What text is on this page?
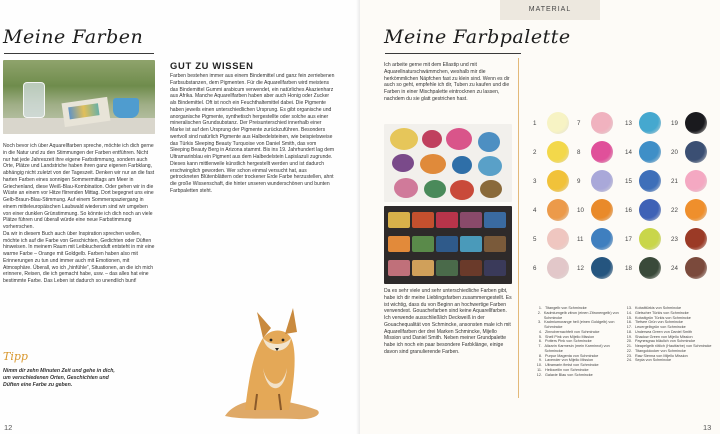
Meine Farben

Noch bevor ich über Aquarellfarben spreche, möchte ich dich gerne in die Natur und zu den Stimmungen der Farben entführen. Nicht nur hat jede Jahreszeit ihre eigene Farbstimmung, sondern auch Orte, Plätze und Landstriche haben ihren ganz eigenen Farbklang, abhängig nicht zuletzt von der Tageszeit. Denken wir nur an die fast harten Farben eines sonnigen Sommermittags am Meer in Griechenland, diese Weiß-Blau-Kombination. Oder gehen wir in die Wüste an einem vor Hitze flirrenden Mittag. Dort begegnet uns eine Gelb-Braun-Blau-Stimmung. Auf einem Sommerspaziergang in einem mitteleuropäischen Laubwald wiederum sind wir umgeben von einer dunklen Grünstimmung. So könnte ich dich noch an viele Plätze führen und überall würde eine neue Farbstimmung vorherrschen.

Da wir in diesem Buch auch über Inspiration sprechen wollen, möchte ich auf die Farbe von Geschichten, Gedichten oder Düften hinweisen. In meinem Raum mit Leibkuchenduft entsteht in mir eine warme Farbe – Orange mit Goldgelb. Farben haben also mit Erinnerungen zu tun und immer auch mit Emotionen, mit Atmosphäre. Überall, wo ich „hinfühle“, Situationen, an die ich mich erinnere, Reisen, die ich gemacht habe, usw. – das alles hat eine bestimmte Farbe. Das Leben ist dadurch so unendlich bunt!

GUT ZU WISSEN
Farben bestehen immer aus einem Bindemittel und ganz fein zerriebenen Farbsubstanzen, dem Pigmenten. Für die Aquarellfarben wird meistens das Bindemittel Gummi arabicum verwendet, ein natürliches Akazienharz aus Afrika. Manche Aquarellfarben haben aber auch Honig oder Zucker als Bindemittel. Oft ist noch ein Feuchthaltemittel dabei. Die Pigmente haben jeweils einen unterschiedlichen Ursprung. Es gibt organische und anorganische Pigmente, synthetisch hergestellte oder solche aus einer mineralischen Grundsubstanz. Der Preisunterschied innerhalb einer Marke ist auf den Ursprung der Pigmente zurückzuführen. Besonders wertvoll sind natürlich Pigmente aus Halbedelsteinen, wie beispielsweise das Türkis Sleeping Beauty Turquoise von Daniel Smith, das vom Sleeping Beauty Berg in Arizona stammt. Bis ins 19. Jahrhundert lag dem Ultramarinblau ein Pigment aus dem Halbedelstein Lapislazuli zugrunde. Dieses kann mittlerweile künstlich hergestellt werden und ist dadurch erschwinglich geworden. Wer schon einmal versucht hat, aus getrockneten Blütenblättern oder trockener Erde Farbe herzustellen, ahnt die große Wissenschaft, die hinter unseren wunderschönen und bunten Farbpaletten steht.
Tipp
Nimm dir zehn Minuten Zeit und gehe in dich, um verschiedenen Orten, Geschichten und Düften eine Farbe zu geben.
12
MATERIAL
Meine Farbpalette
Ich arbeite gerne mit dem Ellastip und mit Aquarellnaturschwämmchen, weshalb mir die herkömmlichen Näpfchen fast zu klein sind. Wenn es dir auch so geht, empfehle ich dir, Tuben zu kaufen und die Farben in einer Mischpalette eintrocknen zu lassen, nachdem du sie glatt gestrichen hast.
Da es sehr viele und sehr unterschiedliche Farben gibt, habe ich dir meine Lieblingsfarben zusammengestellt. Es ist wichtig, dass du von Beginn an hochwertige Farben verwendest. Gouachefarben sind keine Aquarellfarben. Ich verwende ausschließlich Deckweiß in der Gouachequalität von Schmincke, ansonsten male ich mit Aquarellfarben der drei Marken Schmincke, Mijello Mission und Daniel Smith. Neben meiner Grundpalette habe ich noch ein paar besondere Farbklänge, einige davon sind granulierende Farben.
1	7	13	19
2	8	14	20
3	9	15	21
4	10	16	22
5	11	17	23
6	12	18	24
1. Titangelb von Schmincke
2. Kadmiumgelb zitron (einen Zitronengelb) von Schmincke
3. Kadmiumorange hell (einen Goldgelb) von Schmincke
4. Zinnobernachfelt von Schmincke
5. Shell Pink von Mijello Mission
6. Potters Pink von Schmincke
7. Alizarin Karmesin (mein Karminrot) von Schmincke
8. Purpur Magenta von Schmincke
9. Lavender von Mijello Mission
10. Ultramarin fimist von Schmincke
11. Helioceilin von Schmincke
12. Galaxie Blau von Schmincke
13. Kobalttürkis von Schmincke
14. Gletscher Türkis von Schmincke
15. Kobaltgrün Türkis von Schmincke
16. Tiefsee Grün von Schmincke
17. Leuergelbgrün von Schmincke
18. Undersea Green von Daniel Smith
19. Shadow Green von Mijello Mission
20. Paynesgrau bläulich von Schmincke
21. Neapelgelb rötlich (Hautfarbe) von Schmincke
22. Titangoldocker von Schmincke
23. Raw Sienna von Mijello Mission
24. Sepia von Schmincke
13
